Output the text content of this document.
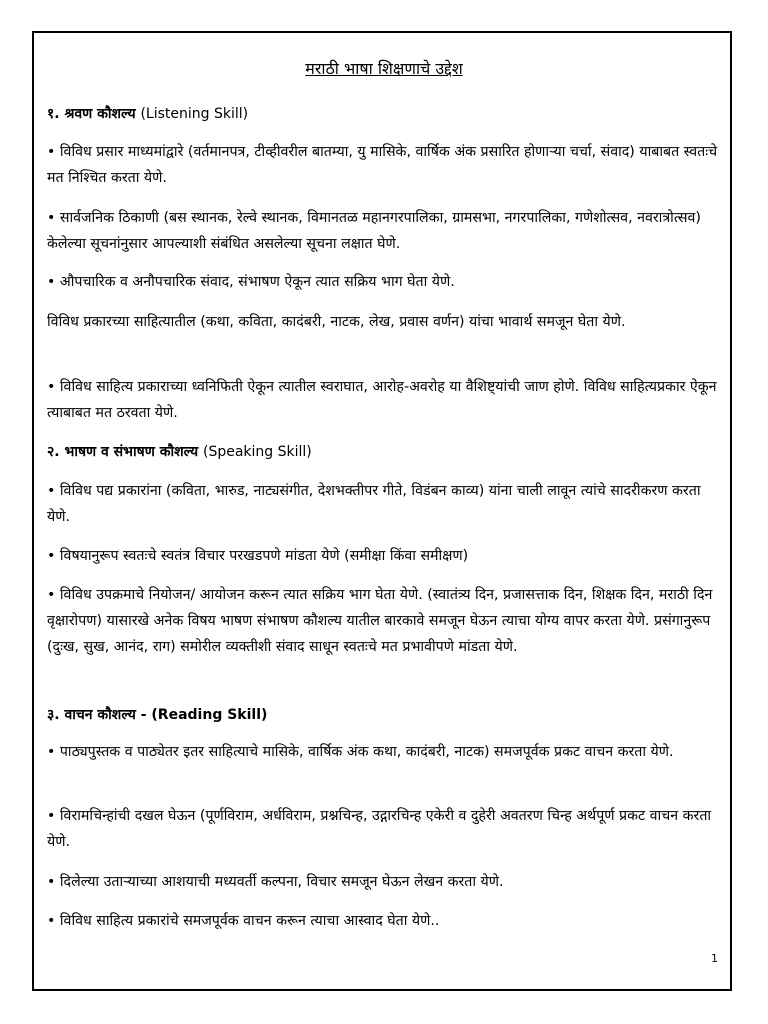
मराठी भाषा शिक्षणाचे उद्देश
१. श्रवण कौशल्य (Listening Skill)
• विविध प्रसार माध्यमांद्वारे (वर्तमानपत्र, टीव्हीवरील बातम्या, यु मासिके, वार्षिक अंक प्रसारित होणाऱ्या चर्चा, संवाद) याबाबत स्वतःचे मत निश्चित करता येणे.
• सार्वजनिक ठिकाणी (बस स्थानक, रेल्वे स्थानक, विमानतळ महानगरपालिका, ग्रामसभा, नगरपालिका, गणेशोत्सव, नवरात्रोत्सव) केलेल्या सूचनांनुसार आपल्याशी संबंधित असलेल्या सूचना लक्षात घेणे.
• औपचारिक व अनौपचारिक संवाद, संभाषण ऐकून त्यात सक्रिय भाग घेता येणे.
विविध प्रकारच्या साहित्यातील (कथा, कविता, कादंबरी, नाटक, लेख, प्रवास वर्णन) यांचा भावार्थ समजून घेता येणे.
• विविध साहित्य प्रकाराच्या ध्वनिफिती ऐकून त्यातील स्वराघात, आरोह-अवरोह या वैशिष्ट्यांची जाण होणे. विविध साहित्यप्रकार ऐकून त्याबाबत मत ठरवता येणे.
२. भाषण व संभाषण कौशल्य (Speaking Skill)
• विविध पद्य प्रकारांना (कविता, भारुड, नाट्यसंगीत, देशभक्तीपर गीते, विडंबन काव्य) यांना चाली लावून त्यांचे सादरीकरण करता येणे.
• विषयानुरूप स्वतःचे स्वतंत्र विचार परखडपणे मांडता येणे (समीक्षा किंवा समीक्षण)
• विविध उपक्रमाचे नियोजन/ आयोजन करून त्यात सक्रिय भाग घेता येणे. (स्वातंत्र्य दिन, प्रजासत्ताक दिन, शिक्षक दिन, मराठी दिन वृक्षारोपण) यासारखे अनेक विषय भाषण संभाषण कौशल्य यातील बारकावे समजून घेऊन त्याचा योग्य वापर करता येणे. प्रसंगानुरूप (दुःख, सुख, आनंद, राग) समोरील व्यक्तीशी संवाद साधून स्वतःचे मत प्रभावीपणे मांडता येणे.
३. वाचन कौशल्य - (Reading Skill)
• पाठ्यपुस्तक व पाठ्येतर इतर साहित्याचे मासिके, वार्षिक अंक कथा, कादंबरी, नाटक) समजपूर्वक प्रकट वाचन करता येणे.
• विरामचिन्हांची दखल घेऊन (पूर्णविराम, अर्धविराम, प्रश्नचिन्ह, उद्गारचिन्ह एकेरी व दुहेरी अवतरण चिन्ह अर्थपूर्ण प्रकट वाचन करता येणे.
• दिलेल्या उताऱ्याच्या आशयाची मध्यवर्ती कल्पना, विचार समजून घेऊन लेखन करता येणे.
• विविध साहित्य प्रकारांचे समजपूर्वक वाचन करून त्याचा आस्वाद घेता येणे..
1
